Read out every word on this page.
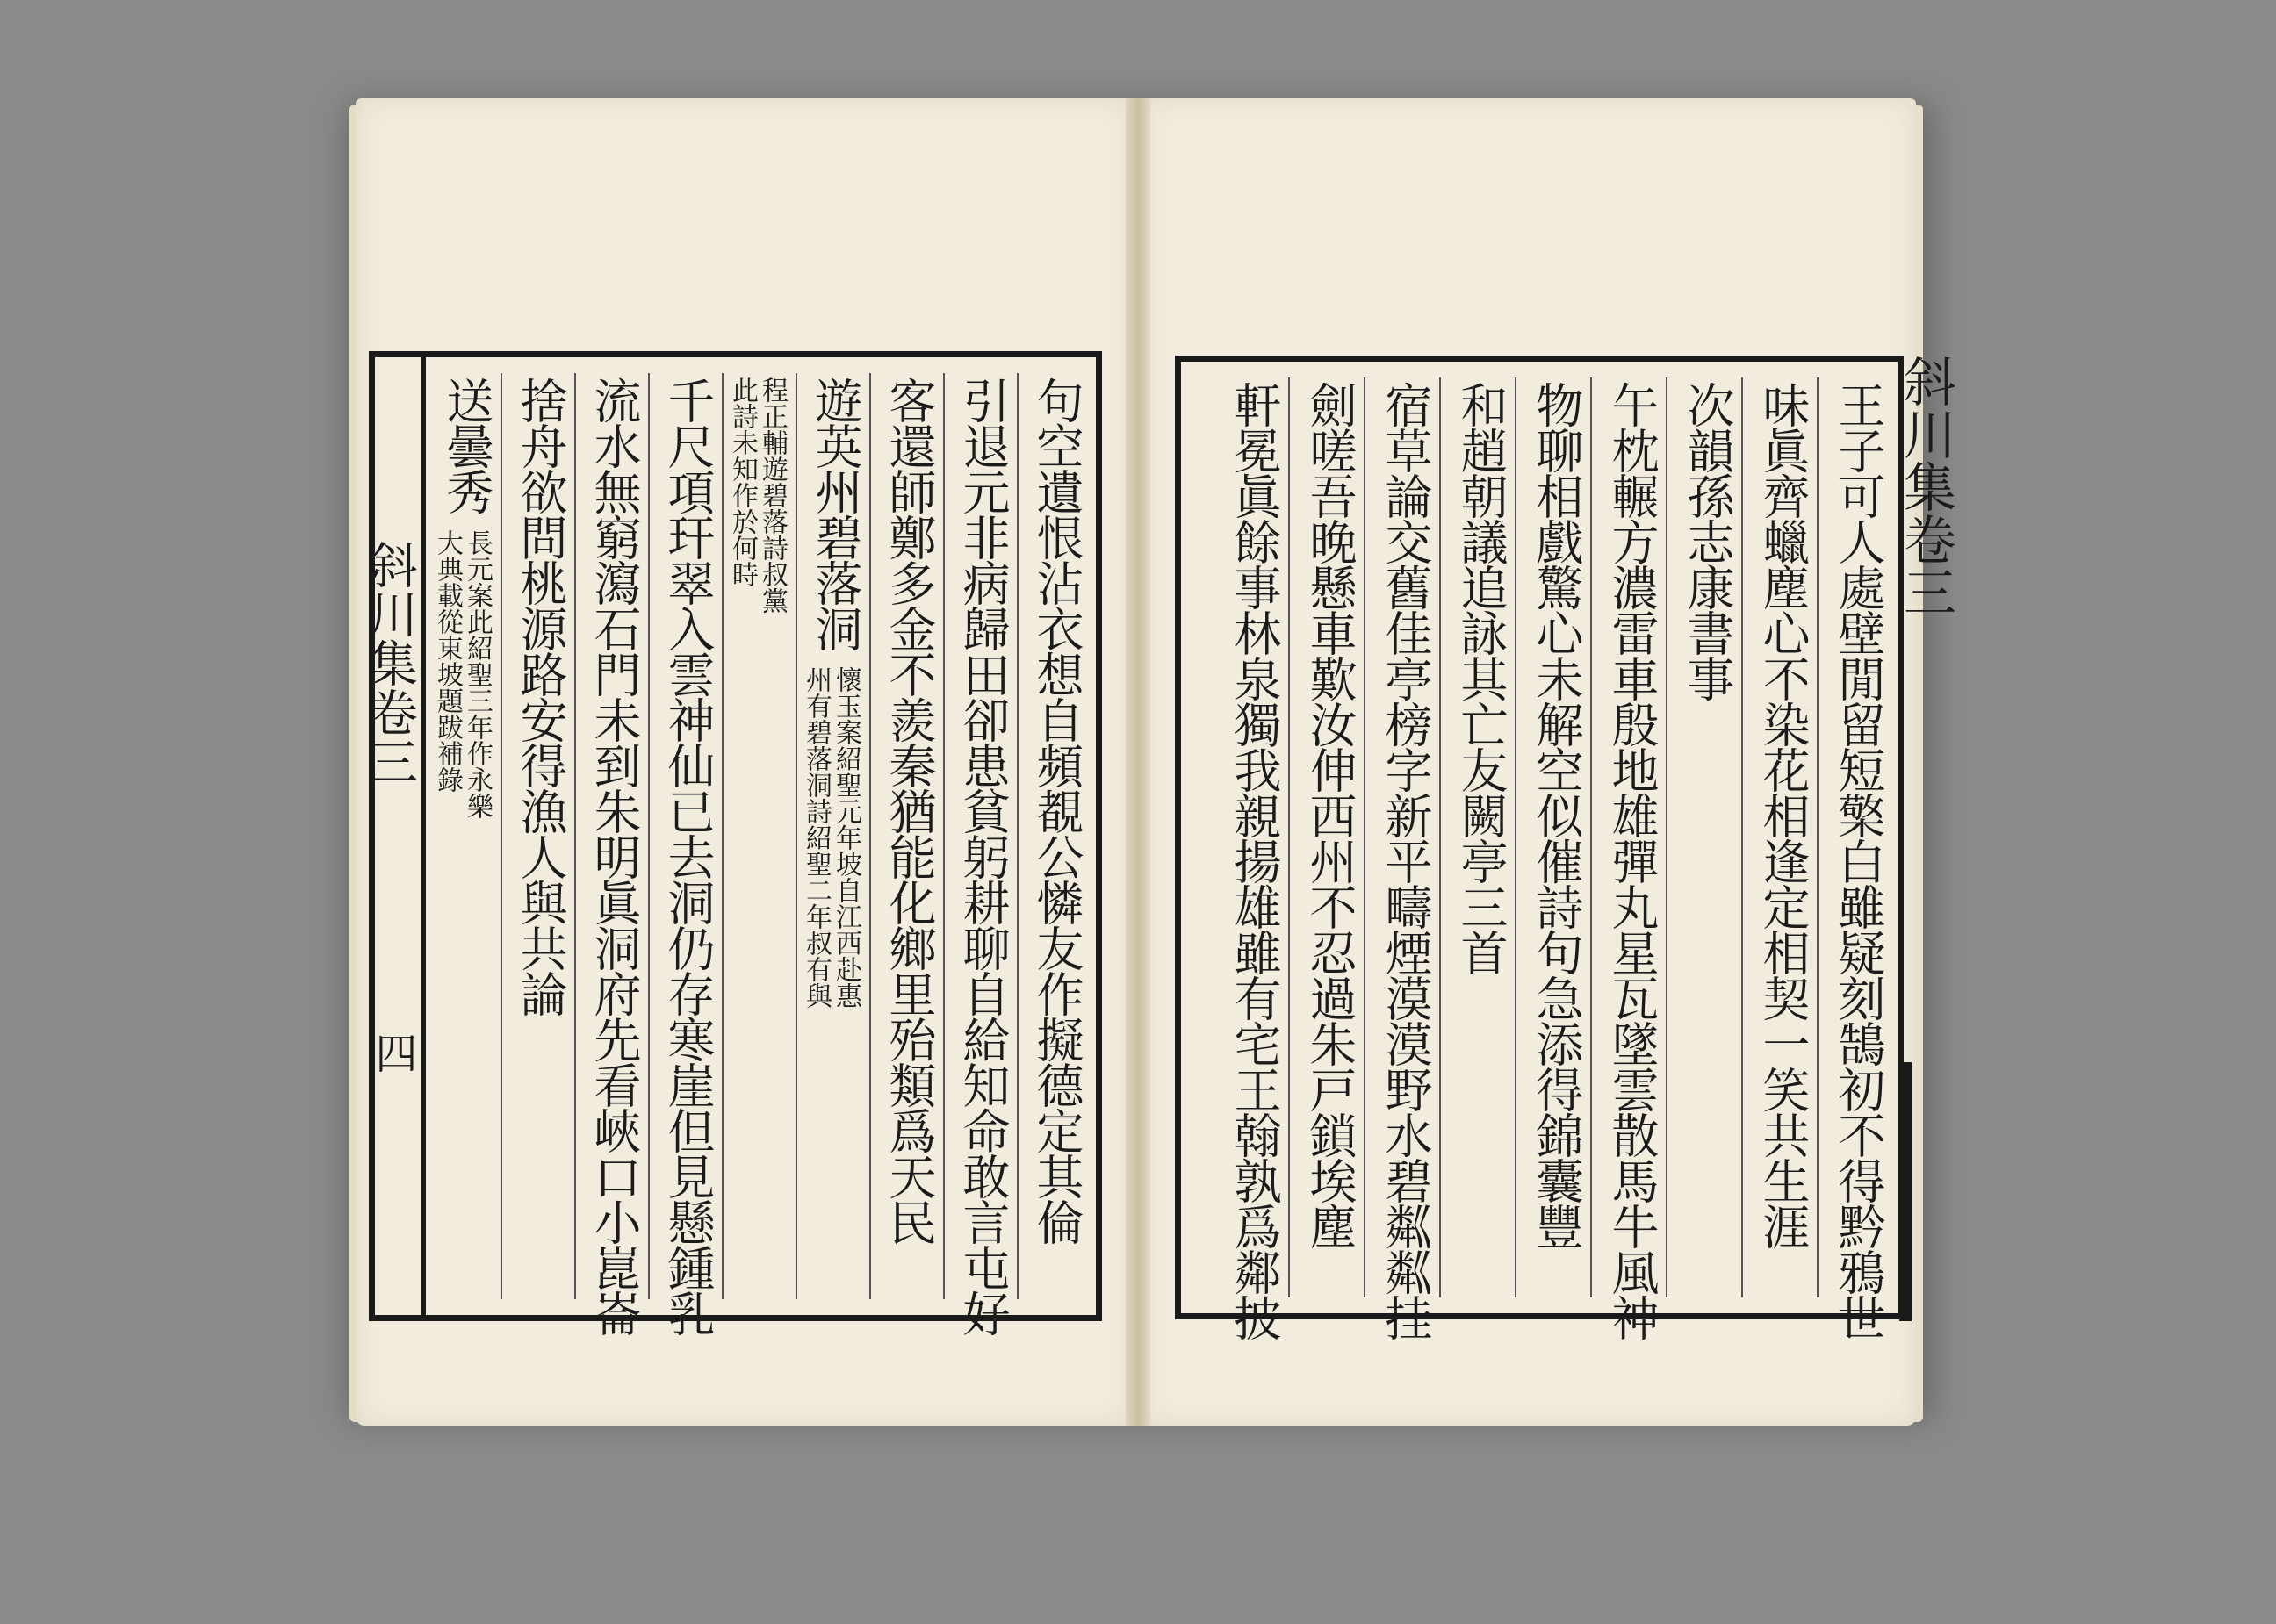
斜川集卷三
王子可人處壁閒留短檠白雖疑刻鵠初不得黔鴉世
味眞齊蠟塵心不染花相逢定相契一笑共生涯
次韻孫志康書事
午枕輾方濃雷車殷地雄彈丸星瓦墜雲散馬牛風神
物聊相戲驚心未解空似催詩句急添得錦囊豐
和趙朝議追詠其亡友闕亭三首
宿草論交舊佳亭榜字新平疇煙漠漠野水碧粼粼挂
劍嗟吾晚懸車歎汝伸西州不忍過朱戸鎖埃塵
軒冕眞餘事林泉獨我親揚雄雖有宅王翰孰爲鄰披
句空遺恨沾衣想自頻覩公憐友作擬德定其倫
引退元非病歸田卻患貧躬耕聊自給知命敢言屯好
客還師鄭多金不羨秦猶能化鄉里殆類爲天民
遊英州碧落洞
懷玉案紹聖元年坡自江西赴惠
州有碧落洞詩紹聖二年叔有與
程正輔遊碧落詩叔黨
此詩未知作於何時
千尺項玕翠入雲神仙已去洞仍存寒崖但見懸鍾乳
流水無窮瀉石門未到朱明眞洞府先看峽口小崑崙
捨舟欲問桃源路安得漁人與共論
送曇秀
長元案此紹聖三年作永樂
大典載從東坡題跋補錄
斜川集卷三
四
